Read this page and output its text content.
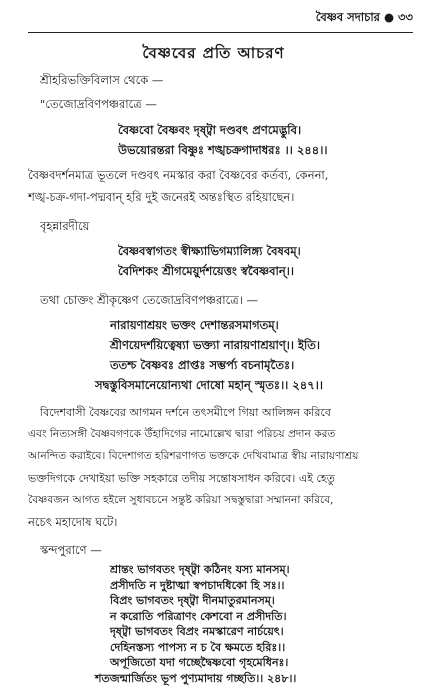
বৈষ্ণব সদাচার ● ৩৩
বৈষ্ণবের প্রতি আচরণ
শ্রীহরিভক্তিবিলাস থেকে —
"তেজোদ্রবিণপঞ্চরাত্রে —
বৈষ্ণবো বৈষ্ণবং দৃষ্ট্বা দণ্ডবৎ প্রণমেদ্ভুবি।
উভয়োরন্তরা বিষ্ণুঃ শঙ্খচক্রগাদাধরঃ ।। ২৪৪।।
বৈষ্ণবদর্শনমাত্র ভূতলে দণ্ডবৎ নমস্কার করা বৈষ্ণবের কর্তব্য, কেননা,
শঙ্খ-চক্র-গদা-পদ্মবান্ হরি দুই জনেরই অন্তঃস্থিত রহিয়াছেন।
বৃহন্নারদীয়ে
বৈষ্ণবস্বাগতং স্বীক্ষ্যাভিগম্যালিঙ্গ্য বৈষবম্।
বৈদিশকং শ্রীগমেয়ুর্দশয়েত্তং স্ববৈষ্ণবান্।।
তথা চোক্তং শ্রীকৃষ্ণেণ তেজোদ্রবিণপঞ্চরাত্রে। —
নারায়ণাশ্রয়ং ভক্তং দেশান্তরসমাগতম্।
শ্রীণয়েদর্শয়িত্বেষ্যা ভক্ত্যা নারায়ণাশ্রয়াণ্।। ইতি।
ততশ্চ বৈষ্ণবঃ প্রাপ্তঃ সম্ভর্প্য বচনামৃতৈঃ।
সদ্বস্তুবিসমানেয়োন্যথা দোষো মহান্ স্মৃতঃ।। ২৪৭।।
বিদেশবাসী বৈষ্ণবের আগমন দর্শনে তৎসমীপে গিয়া আলিঙ্গন করিবে
এবং নিত্যসঙ্গী বৈষ্ণবগণকে উঁহাদিগের নামোল্লেখ দ্বারা পরিচয় প্রদান করত
আনন্দিত করাইবে। বিদেশাগত হরিশরণাগত ভক্তকে দেখিবামাত্র স্বীয় নারায়ণাশ্রয়
ভক্তদিগকে দেখাইয়া ভক্তি সহকারে তদীয় সন্তোষসাধন করিবে। এই হেতু
বৈষ্ণবজন আগত হইলে সুধাবচনে সন্তুষ্ট করিয়া সদ্বস্তুদ্বারা সম্মাননা করিবে,
নচেৎ মহাদোষ ঘটে।
স্কন্দপুরাণে —
শ্রান্তং ভাগবতং দৃষ্ট্বা কঠিনং যস্য মানসম্।
প্রসীদতি ন দুষ্টাত্মা স্বপচাদধিকো হি সঃ।।
বিপ্রং ভাগবতং দৃষ্ট্বা দীনমাতুরমানসম্।
ন করোতি পরিত্রাণং কেশবো ন প্রসীদতি।
দৃষ্ট্বা ভাগবতং বিপ্রং নমস্কারেণ নার্চয়েৎ।
দেহিনস্তস্য পাপস্য ন চ বৈ ক্ষমতে হরিঃ।।
অপূজিতো যদা গচ্ছেদ্বৈষ্ণবো গৃহমেধিনঃ।
শতজন্মাৰ্জিতং ভূপ পুণ্যমাদায় গচ্ছতি।। ২৪৮।।
